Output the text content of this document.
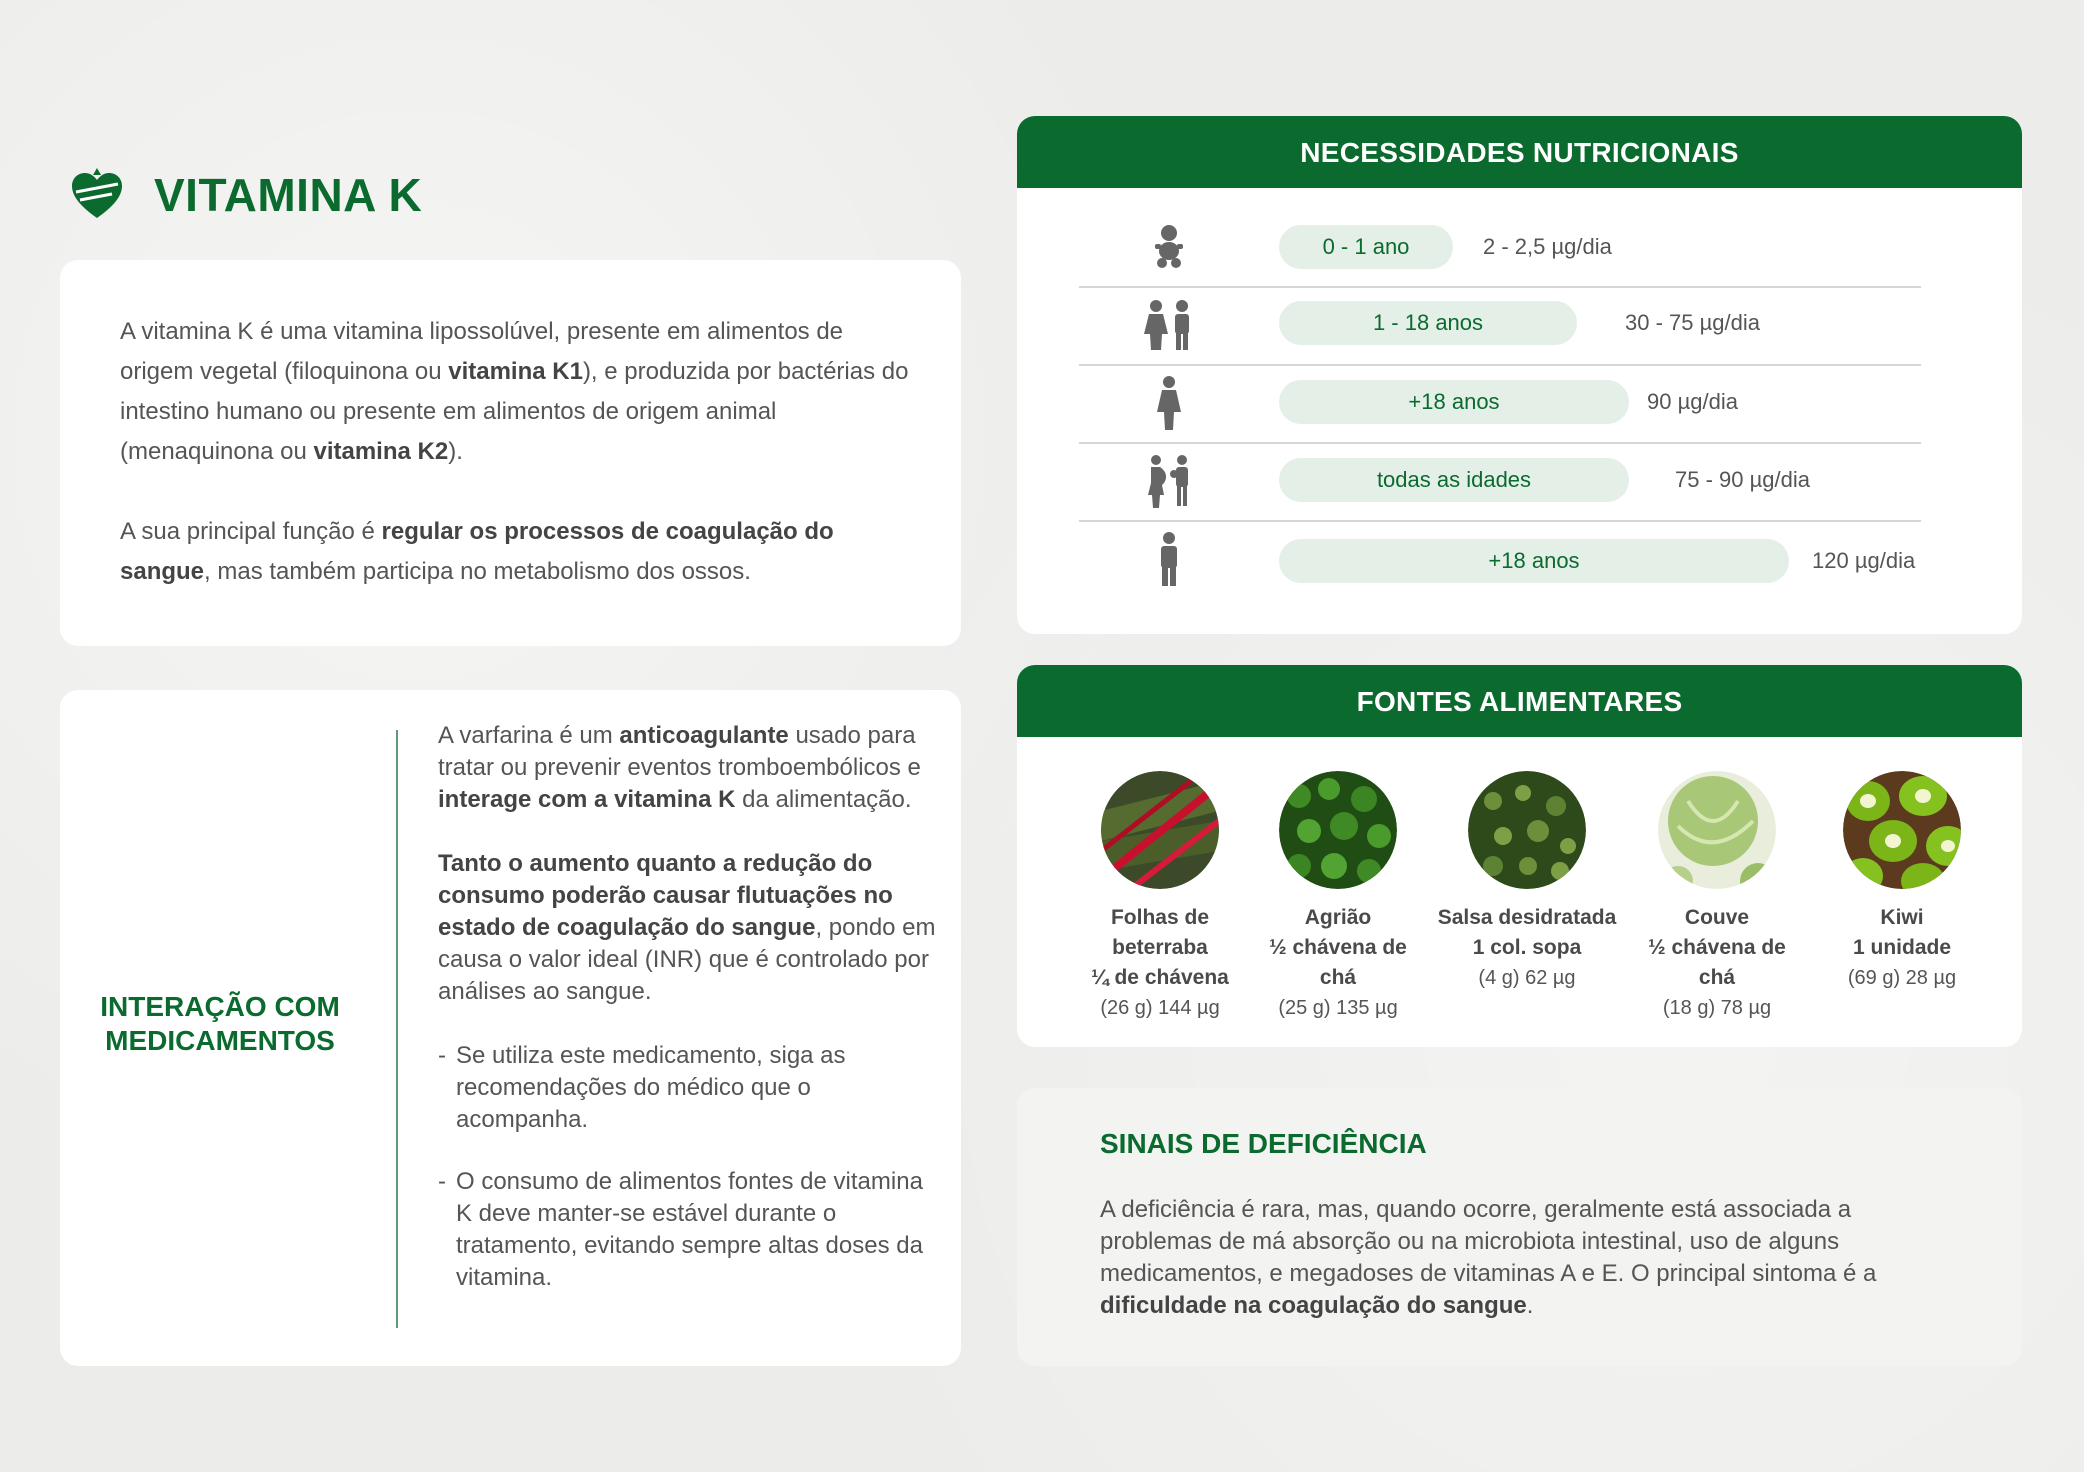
VITAMINA K

A vitamina K é uma vitamina lipossolúvel, presente em alimentos de origem vegetal (filoquinona ou vitamina K1), e produzida por bactérias do intestino humano ou presente em alimentos de origem animal (menaquinona ou vitamina K2).

A sua principal função é regular os processos de coagulação do sangue, mas também participa no metabolismo dos ossos.

INTERAÇÃO COM MEDICAMENTOS

A varfarina é um anticoagulante usado para tratar ou prevenir eventos tromboembólicos e interage com a vitamina K da alimentação.

Tanto o aumento quanto a redução do consumo poderão causar flutuações no estado de coagulação do sangue, pondo em causa o valor ideal (INR) que é controlado por análises ao sangue.

- Se utiliza este medicamento, siga as recomendações do médico que o acompanha.
- O consumo de alimentos fontes de vitamina K deve manter-se estável durante o tratamento, evitando sempre altas doses da vitamina.
NECESSIDADES NUTRICIONAIS
0 - 1 ano	2 - 2,5 µg/dia
1 - 18 anos	30 - 75 µg/dia
+18 anos	90 µg/dia
todas as idades	75 - 90 µg/dia
+18 anos	120 µg/dia
FONTES ALIMENTARES
Folhas de beterraba
¼ de chávena
(26 g) 144 µg
Agrião
½ chávena de chá
(25 g) 135 µg
Salsa desidratada
1 col. sopa
(4 g) 62 µg
Couve
½ chávena de chá
(18 g) 78 µg
Kiwi
1 unidade
(69 g) 28 µg
SINAIS DE DEFICIÊNCIA
A deficiência é rara, mas, quando ocorre, geralmente está associada a problemas de má absorção ou na microbiota intestinal, uso de alguns medicamentos, e megadoses de vitaminas A e E. O principal sintoma é a dificuldade na coagulação do sangue.
